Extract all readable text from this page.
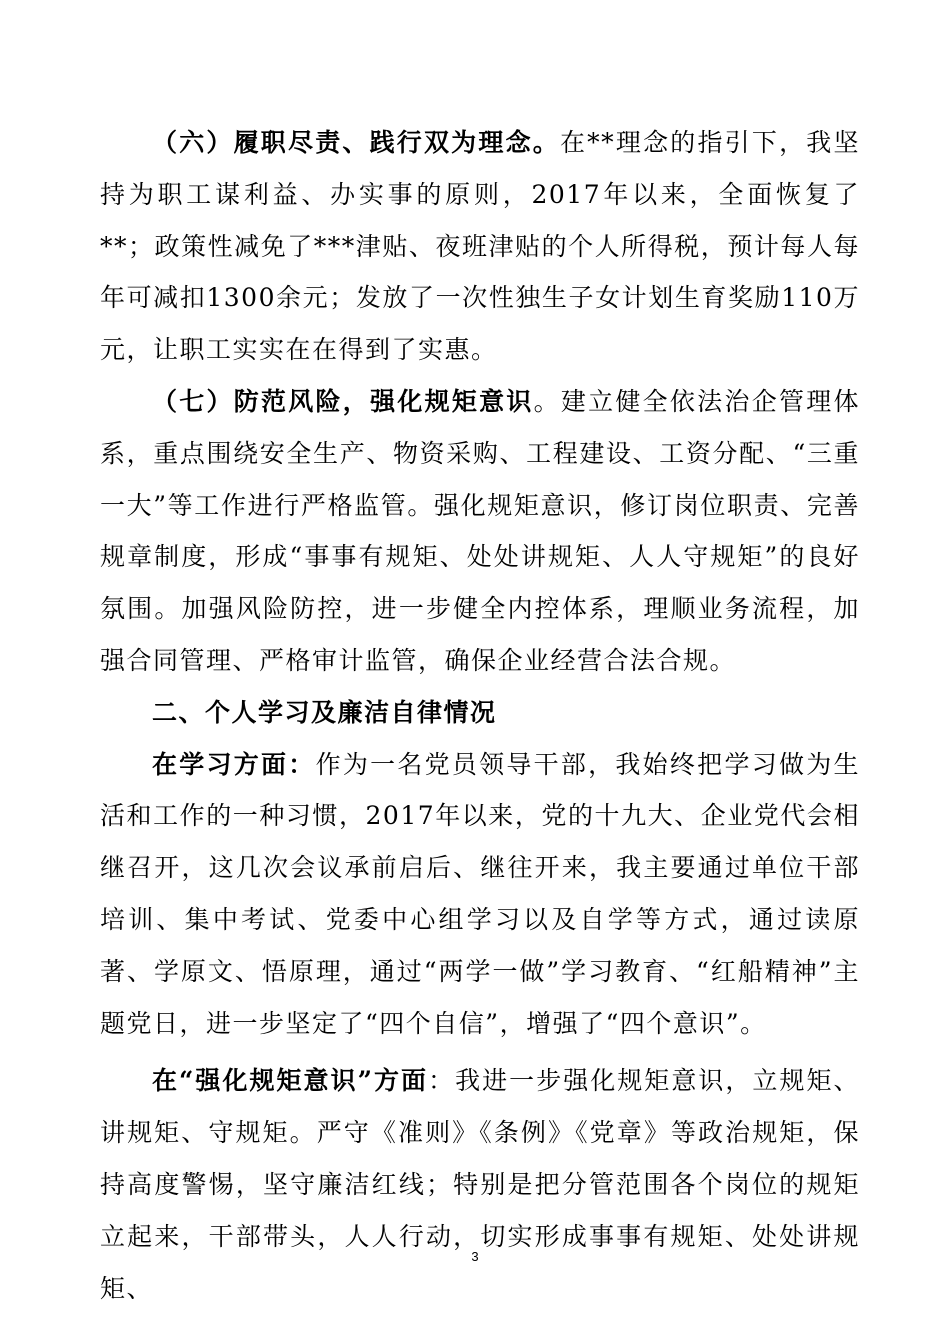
（六）履职尽责、践行双为理念。在**理念的指引下，我坚持为职工谋利益、办实事的原则，2017年以来，全面恢复了**；政策性减免了***津贴、夜班津贴的个人所得税，预计每人每年可减扣1300余元；发放了一次性独生子女计划生育奖励110万元，让职工实实在在得到了实惠。

（七）防范风险，强化规矩意识。建立健全依法治企管理体系，重点围绕安全生产、物资采购、工程建设、工资分配、“三重一大”等工作进行严格监管。强化规矩意识，修订岗位职责、完善规章制度，形成“事事有规矩、处处讲规矩、人人守规矩”的良好氛围。加强风险防控，进一步健全内控体系，理顺业务流程，加强合同管理、严格审计监管，确保企业经营合法合规。

二、个人学习及廉洁自律情况

在学习方面：作为一名党员领导干部，我始终把学习做为生活和工作的一种习惯，2017年以来，党的十九大、企业党代会相继召开，这几次会议承前启后、继往开来，我主要通过单位干部培训、集中考试、党委中心组学习以及自学等方式，通过读原著、学原文、悟原理，通过“两学一做”学习教育、“红船精神”主题党日，进一步坚定了“四个自信”，增强了“四个意识”。

在“强化规矩意识”方面：我进一步强化规矩意识，立规矩、讲规矩、守规矩。严守《准则》《条例》《党章》等政治规矩，保持高度警惕，坚守廉洁红线；特别是把分管范围各个岗位的规矩立起来，干部带头，人人行动，切实形成事事有规矩、处处讲规矩、

3
